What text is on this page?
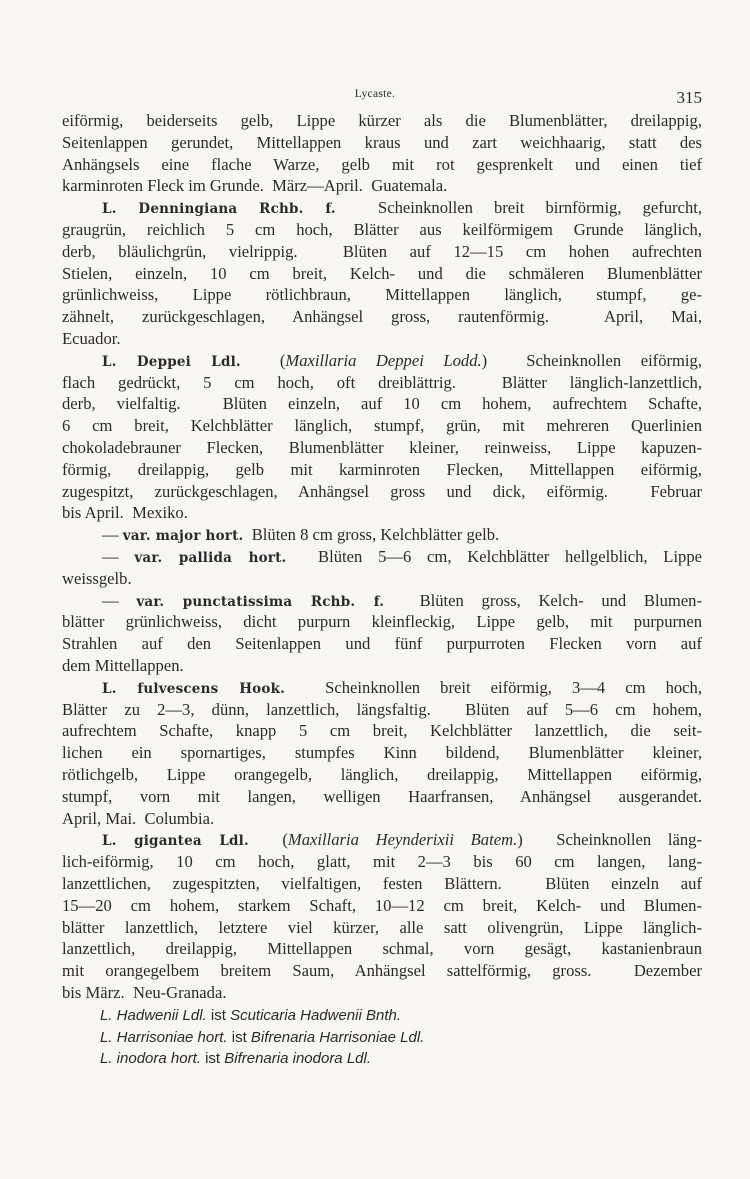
Lycaste.	315
eiförmig, beiderseits gelb, Lippe kürzer als die Blumenblätter, dreilappig,
Seitenlappen gerundet, Mittellappen kraus und zart weichhaarig, statt des
Anhängsels eine flache Warze, gelb mit rot gesprenkelt und einen tief
karminroten Fleck im Grunde.  März—April.  Guatemala.
L. Denningiana Rchb. f.  Scheinknollen breit birnförmig, gefurcht,
graugrün, reichlich 5 cm hoch, Blätter aus keilförmigem Grunde länglich,
derb, bläulichgrün, vielrippig.  Blüten auf 12—15 cm hohen aufrechten
Stielen, einzeln, 10 cm breit, Kelch- und die schmäleren Blumenblätter
grünlichweiss, Lippe rötlichbraun, Mittellappen länglich, stumpf, ge-
zähnelt, zurückgeschlagen, Anhängsel gross, rautenförmig.  April, Mai,
Ecuador.
L. Deppei Ldl.  (Maxillaria Deppei Lodd.)  Scheinknollen eiförmig,
flach gedrückt, 5 cm hoch, oft dreiblättrig.  Blätter länglich-lanzettlich,
derb, vielfaltig.  Blüten einzeln, auf 10 cm hohem, aufrechtem Schafte,
6 cm breit, Kelchblätter länglich, stumpf, grün, mit mehreren Querlinien
chokoladebrauner Flecken, Blumenblätter kleiner, reinweiss, Lippe kapuzen-
förmig, dreilappig, gelb mit karminroten Flecken, Mittellappen eiförmig,
zugespitzt, zurückgeschlagen, Anhängsel gross und dick, eiförmig.  Februar
bis April.  Mexiko.
— var. major hort.  Blüten 8 cm gross, Kelchblätter gelb.
— var. pallida hort.  Blüten 5—6 cm, Kelchblätter hellgelblich, Lippe
weissgelb.
— var. punctatissima Rchb. f.  Blüten gross, Kelch- und Blumen-
blätter grünlichweiss, dicht purpurn kleinfleckig, Lippe gelb, mit purpurnen
Strahlen auf den Seitenlappen und fünf purpurroten Flecken vorn auf
dem Mittellappen.
L. fulvescens Hook.  Scheinknollen breit eiförmig, 3—4 cm hoch,
Blätter zu 2—3, dünn, lanzettlich, längsfaltig.  Blüten auf 5—6 cm hohem,
aufrechtem Schafte, knapp 5 cm breit, Kelchblätter lanzettlich, die seit-
lichen ein spornartiges, stumpfes Kinn bildend, Blumenblätter kleiner,
rötlichgelb, Lippe orangegelb, länglich, dreilappig, Mittellappen eiförmig,
stumpf, vorn mit langen, welligen Haarfransen, Anhängsel ausgerandet.
April, Mai.  Columbia.
L. gigantea Ldl.  (Maxillaria Heynderixii Batem.)  Scheinknollen läng-
lich-eiförmig, 10 cm hoch, glatt, mit 2—3 bis 60 cm langen, lang-
lanzettlichen, zugespitzten, vielfaltigen, festen Blättern.  Blüten einzeln auf
15—20 cm hohem, starkem Schaft, 10—12 cm breit, Kelch- und Blumen-
blätter lanzettlich, letztere viel kürzer, alle satt olivengrün, Lippe länglich-
lanzettlich, dreilappig, Mittellappen schmal, vorn gesägt, kastanienbraun
mit orangegelbem breitem Saum, Anhängsel sattelförmig, gross.  Dezember
bis März.  Neu-Granada.
L. Hadwenii Ldl. ist Scuticaria Hadwenii Bnth.
L. Harrisoniae hort. ist Bifrenaria Harrisoniae Ldl.
L. inodora hort. ist Bifrenaria inodora Ldl.
